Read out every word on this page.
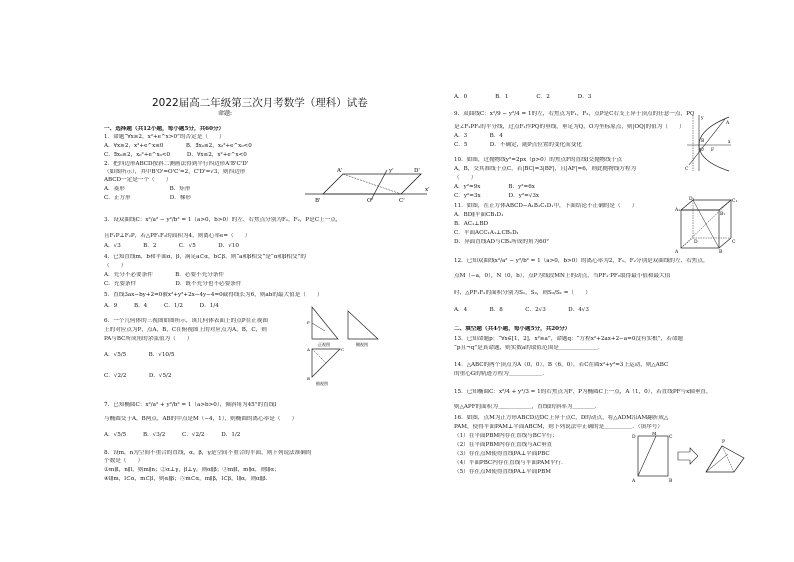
2022届高二年级第三次月考数学（理科）试卷
命题:
一、选择题（共12小题，每小题5分，共60分）
1．命题“∀x≥2，x²+e^x>0”的否定是（　　）
A．∀x≥2，x²+e^x≤0　　　　B．∃x₀≤2，x₀²+e^x₀<0
C．∃x₀≥2，x₀²+e^x₀<0　　　D．∀x≤2，x²+e^x<0
2．把四边形ABCD按斜二测画法得到平行四边形A'B'C'D'
（如图所示），其中B'O'=O'C'=2，C'D'=√3，则四边形
ABCD一定是一个（　　）
A．菱形　　　　　　　　B．矩形
C．正方形　　　　　　　D．梯形
3．设双曲线C：x²/a² − y²/b² = 1（a>0，b>0）的左、右焦点分别为F₁，F₂，P是C上一点，
且F₁P⊥F₂P，若△PF₁F₂的面积为4，则离心率e=（　　）
A．√3　　　　B．2　　　　C．√5　　　　D．√10
4．已知直线m，b和平面α，β，满足a⊂α，b⊂β，则“a和β相交”是“α和β相交”的
（　　）
A．充分不必要条件　　　　B．必要不充分条件
C．充要条件　　　　　　　D．既不充分也不必要条件
5．直线3ax−by+2=0被x²+y²+2x−4y−4=0截得线长为6，则ab的最大值是（　　）
A．9　　　B．4　　　C．1/2　　　D．1/4
6．一个几何体的三视图如图所示，该几何体表面上的点P在正视图
上的对应点为P，点A，B，C在俯视图上的对应点为A，B，C，则
PA与BC所成角的余弦值为（　　）
A．√5/5　　　　B．√10/5
C．√2/2　　　　D．√5/2
7．已知椭圆C：x²/a² + y²/b² = 1（a>b>0），倾斜角为45°的直线l
与椭圆交于A，B两点，AB的中点是M（−4，1），则椭圆的离心率是（　　）
A．√5/5　　　B．√3/2　　　C．√2/2　　　D．1/2
8．设m，n为空间不重合的直线，α，β，γ是空间不重合的平面，则下列说法准确的
个数是（　　）
①m∥l，n∥l，则m∥n；②α⊥γ，β⊥γ，则α∥β；③m∥l，m∥α，则l∥α；
④l∥m，l⊂α，m⊂β，则α∥β；⑤m⊂α，m∥β，l⊂β，l∥α，则α∥β．
A'	D'
B'	O'	C'
x'
y'
正视图	侧视图
俯视图
P
A
B
C
A．0　　　　　B．1　　　　　C．2　　　　　D．3
9．双曲线C：x²/9 − y²/4 = 1的左，右焦点为F₁，F₂，点P是C右支上异于顶点的任意一点，PQ
是∠F₁PF₂的平分线，过点F₁作PQ的垂线，垂足为Q，O为坐标原点，则|OQ|的值为（　　）
A．3　　　　B．4
C．5　　　　D．不确定，随P点位置的变化而变化
10．如图，过抛物线y²=2px（p>0）的焦点F的直线l交抛物线于点
A，B，交其准线于点C，若|BC|=3|BF|，且|AF|=6，则此抛物线方程为
（　　）
A．y²=9x　　　　　B．y²=6x
C．y²=3x　　　　　D．y²=√3x
11．如图，在正方体ABCD−A₁B₁C₁D₁中，下面结论不正确的是（　　）
A．BD∥平面CB₁D₁
B．AC₁⊥BD
C．平面ACC₁A₁⊥CB₁D₁
D．异面直线AD与CB₁所成的角为60°
12．已知双曲线x²/a² − y²/b² = 1（a>0，b>0）的离心率为2，F₁，F₂分别是双曲线的左、右焦点，
点M（−a，0），N（0，b），点P为线段MN上的动点，当PF₁·PF₂取得最小值和最大值
时，△PF₁F₂的面积分别为S₁，S₂，则S₂/S₁ =（　　）
A．4　　　　B．8　　　　C．2√3　　　　D．4√3
二、填空题（共4小题，每小题5分，共20分）
13．已知命题p：“∀x∈[1，2]，x²≥a”，命题q：“方程x²+2ax+2−a=0没有实根”，若命题
“p且¬q”是真命题，则实数a的取值范围是＿＿＿＿＿＿＿．
14．△ABC的两个顶点为A（0，0），B（6，0），若C在圆x²+y²=3上运动，则△ABC
的重心G的轨迹方程为＿＿＿＿＿＿．
15．已知椭圆C：x²/4 + y²/3 = 1的右焦点为F，P为椭圆C上一点，A（1，0），若直线PF与x轴垂直，
则△APF的面积为＿＿＿＿＿＿，直线l的斜率为＿＿＿＿．
16．如图，点M为正方形ABCD边DC上异于点C，D的动点，将△ADM沿AM翻折成△
PAM，使得平面PAM⊥平面ABCM，则下列说法中正确的是＿＿＿＿＿．（填序号）
（1）在平面PBM内存在直线与BC平行；
（2）在平面PBM内存在直线与AC垂直
（3）存在点M使得直线PA⊥平面PBC
（4）平面PBC内存在直线与平面PAM平行．
（5）存在点M使得直线PA⊥平面PBM
A
B
C
F
O
x
y
A	B
C
D
A₁
B₁
C₁
D₁
D
M
C
A	B
P
